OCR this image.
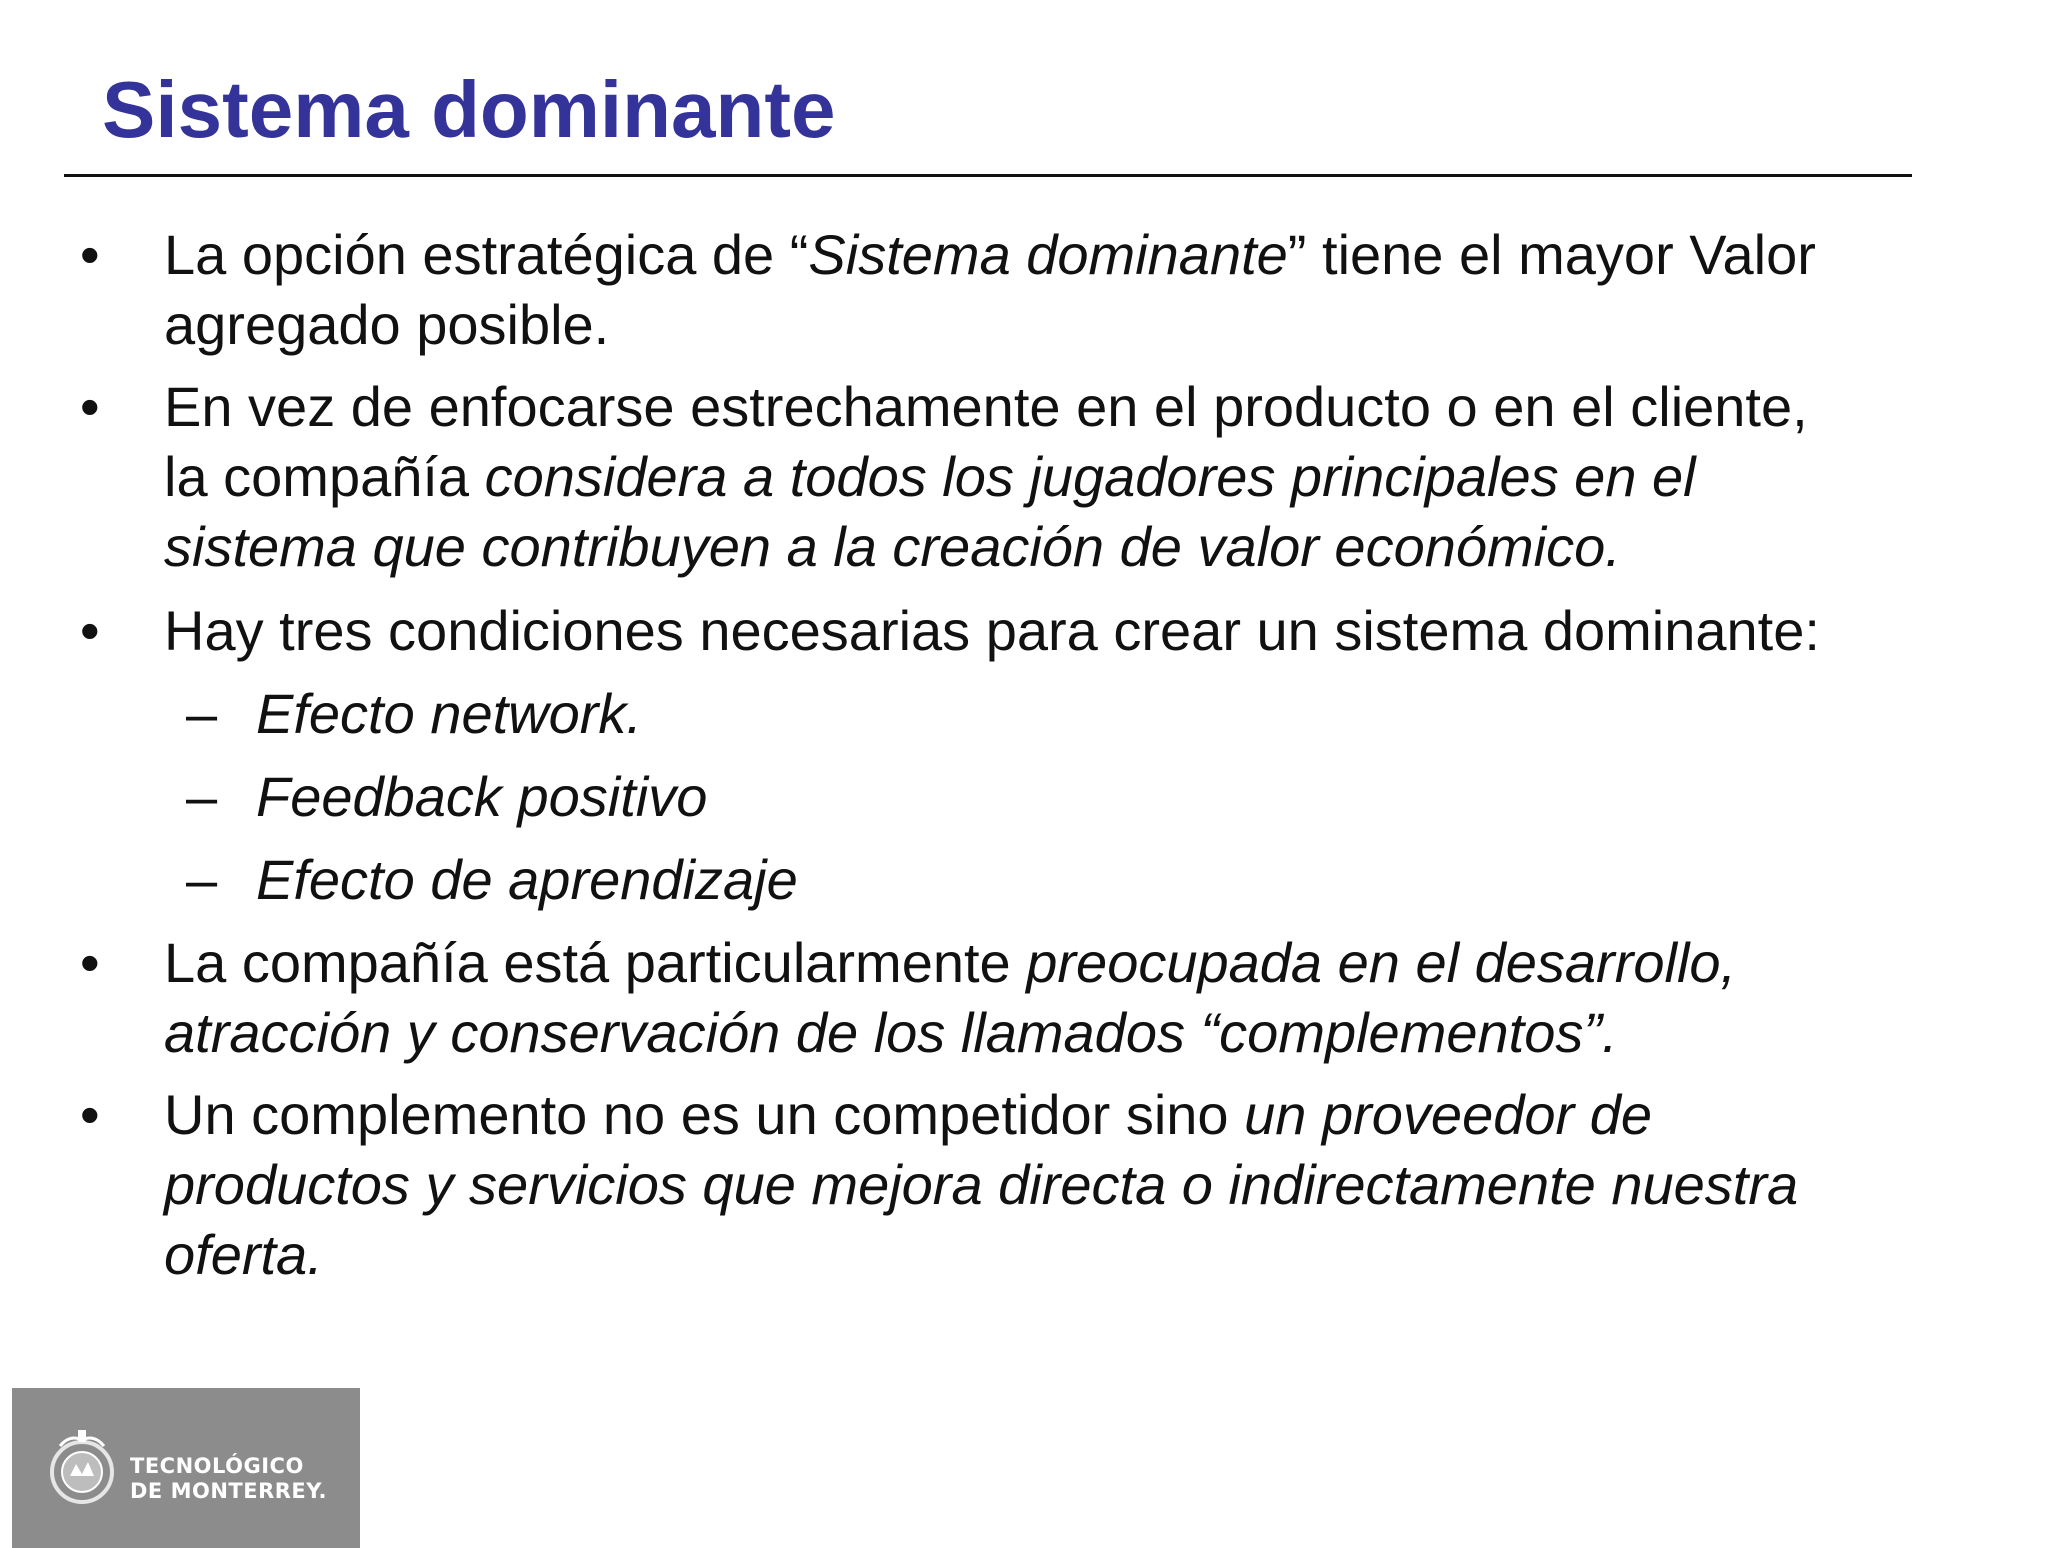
Sistema dominante
•	La opción estratégica de “Sistema dominante” tiene el mayor Valor
agregado posible.
•	En vez de enfocarse estrechamente en el producto o en el cliente,
la compañía considera a todos los jugadores principales en el
sistema que contribuyen a la creación de valor económico.
•	Hay tres condiciones necesarias para crear un sistema dominante:
– Efecto network.
– Feedback positivo
– Efecto de aprendizaje
•	La compañía está particularmente preocupada en el desarrollo,
atracción y conservación de los llamados “complementos”.
•	Un complemento no es un competidor sino un proveedor de
productos y servicios que mejora directa o indirectamente nuestra
oferta.
TECNOLÓGICO
DE MONTERREY.
